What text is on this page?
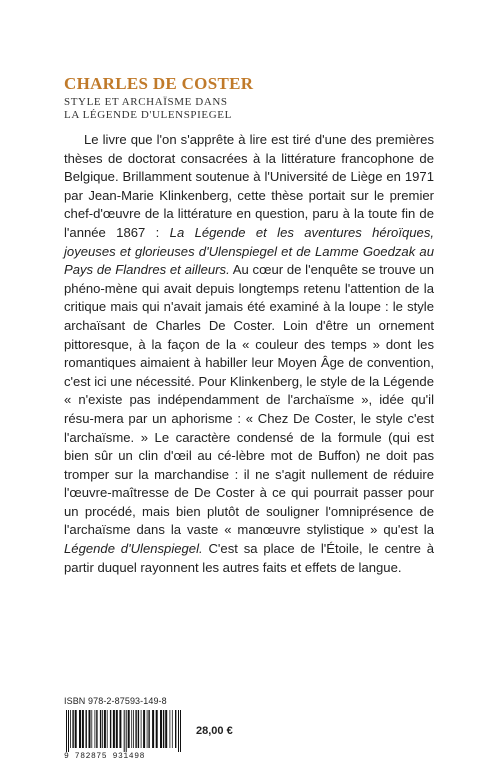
CHARLES DE COSTER
STYLE ET ARCHAÏSME DANS
LA LÉGENDE D'ULENSPIEGEL

Le livre que l'on s'apprête à lire est tiré d'une des premières thèses de doctorat consacrées à la littérature francophone de Belgique. Brillamment soutenue à l'Université de Liège en 1971 par Jean-Marie Klinkenberg, cette thèse portait sur le premier chef-d'œuvre de la littérature en question, paru à la toute fin de l'année 1867 : La Légende et les aventures héroïques, joyeuses et glorieuses d'Ulenspiegel et de Lamme Goedzak au Pays de Flandres et ailleurs. Au cœur de l'enquête se trouve un phéno-mène qui avait depuis longtemps retenu l'attention de la critique mais qui n'avait jamais été examiné à la loupe : le style archaïsant de Charles De Coster. Loin d'être un ornement pittoresque, à la façon de la « couleur des temps » dont les romantiques aimaient à habiller leur Moyen Âge de convention, c'est ici une nécessité. Pour Klinkenberg, le style de la Légende « n'existe pas indépendamment de l'archaïsme », idée qu'il résu-mera par un aphorisme : « Chez De Coster, le style c'est l'archaïsme. » Le caractère condensé de la formule (qui est bien sûr un clin d'œil au cé-lèbre mot de Buffon) ne doit pas tromper sur la marchandise : il ne s'agit nullement de réduire l'œuvre-maîtresse de De Coster à ce qui pourrait passer pour un procédé, mais bien plutôt de souligner l'omniprésence de l'archaïsme dans la vaste « manœuvre stylistique » qu'est la Légende d'Ulenspiegel. C'est sa place de l'Étoile, le centre à partir duquel rayonnent les autres faits et effets de langue.

ISBN 978-2-87593-149-8
9 782875 931498
28,00 €
